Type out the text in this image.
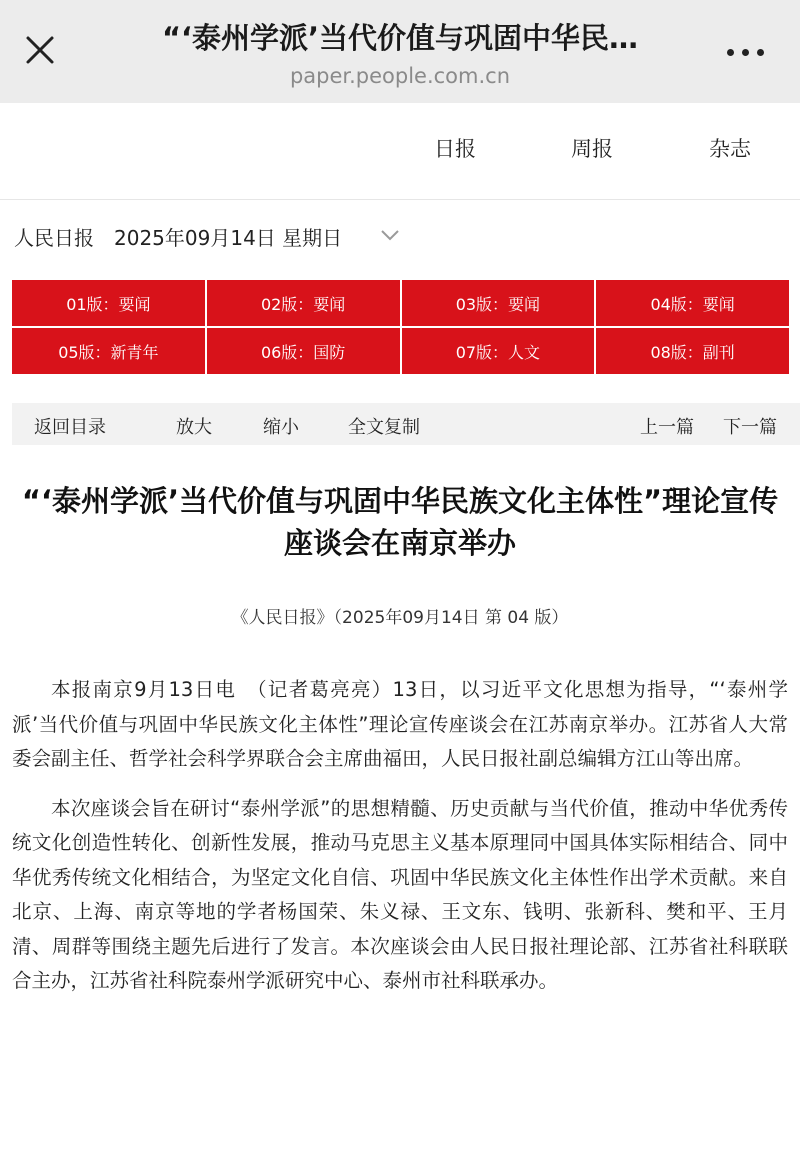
“‘泰州学派’当代价值与巩固中华民…
paper.people.com.cn
日报	周报	杂志
人民日报　2025年09月14日 星期日
01版：要闻	02版：要闻	03版：要闻	04版：要闻
05版：新青年	06版：国防	07版：人文	08版：副刊
返回目录	放大	缩小	全文复制	上一篇 下一篇
“‘泰州学派’当代价值与巩固中华民族文化主体性”理论宣传座谈会在南京举办
《人民日报》（2025年09月14日 第 04 版）

本报南京9月13日电　（记者葛亮亮）13日，以习近平文化思想为指导，“‘泰州学派’当代价值与巩固中华民族文化主体性”理论宣传座谈会在江苏南京举办。江苏省人大常委会副主任、哲学社会科学界联合会主席曲福田，人民日报社副总编辑方江山等出席。

本次座谈会旨在研讨“泰州学派”的思想精髓、历史贡献与当代价值，推动中华优秀传统文化创造性转化、创新性发展，推动马克思主义基本原理同中国具体实际相结合、同中华优秀传统文化相结合，为坚定文化自信、巩固中华民族文化主体性作出学术贡献。来自北京、上海、南京等地的学者杨国荣、朱义禄、王文东、钱明、张新科、樊和平、王月清、周群等围绕主题先后进行了发言。本次座谈会由人民日报社理论部、江苏省社科联联合主办，江苏省社科院泰州学派研究中心、泰州市社科联承办。
